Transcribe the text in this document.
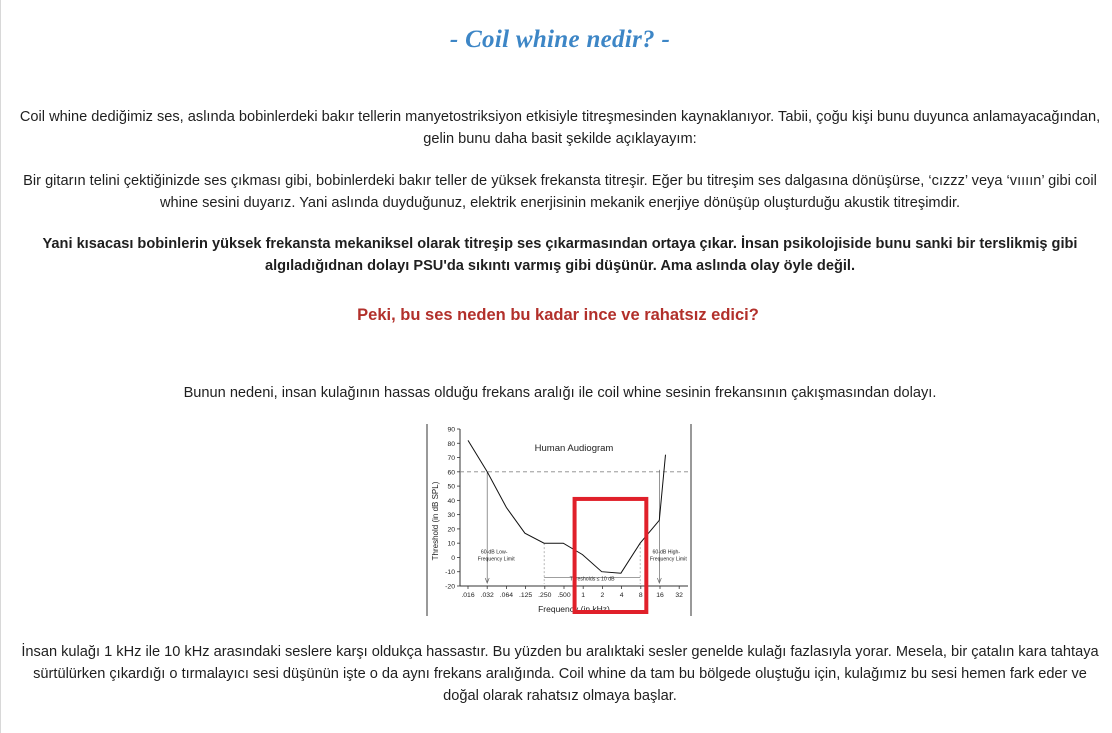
- Coil whine nedir? -
Coil whine dediğimiz ses, aslında bobinlerdeki bakır tellerin manyetostriksiyon etkisiyle titreşmesinden kaynaklanıyor. Tabii, çoğu kişi bunu duyunca anlamayacağından,
gelin bunu daha basit şekilde açıklayayım:
Bir gitarın telini çektiğinizde ses çıkması gibi, bobinlerdeki bakır teller de yüksek frekansta titreşir. Eğer bu titreşim ses dalgasına dönüşürse, ‘cızzz’ veya ‘vıııın’ gibi coil
whine sesini duyarız. Yani aslında duyduğunuz, elektrik enerjisinin mekanik enerjiye dönüşüp oluşturduğu akustik titreşimdir.
Yani kısacası bobinlerin yüksek frekansta mekaniksel olarak titreşip ses çıkarmasından ortaya çıkar. İnsan psikolojiside bunu sanki bir terslikmiş gibi
algıladığıdnan dolayı PSU'da sıkıntı varmış gibi düşünür. Ama aslında olay öyle değil.
Peki, bu ses neden bu kadar ince ve rahatsız edici?
Bunun nedeni, insan kulağının hassas olduğu frekans aralığı ile coil whine sesinin frekansının çakışmasından dolayı.
Human Audiogram
Threshold (in dB SPL)
Frequency (in kHz)
-20
-10
0
10
20
30
40
50
60
70
80
90
.016 .032 .064 .125 .250 .500 1 2 4 8 16 32
Thresholds ≤ 10 dB
60-dB Low-
Frequency Limit
60-dB High-
Frequency Limit
İnsan kulağı 1 kHz ile 10 kHz arasındaki seslere karşı oldukça hassastır. Bu yüzden bu aralıktaki sesler genelde kulağı fazlasıyla yorar. Mesela, bir çatalın kara tahtaya
sürtülürken çıkardığı o tırmalayıcı sesi düşünün işte o da aynı frekans aralığında. Coil whine da tam bu bölgede oluştuğu için, kulağımız bu sesi hemen fark eder ve
doğal olarak rahatsız olmaya başlar.
